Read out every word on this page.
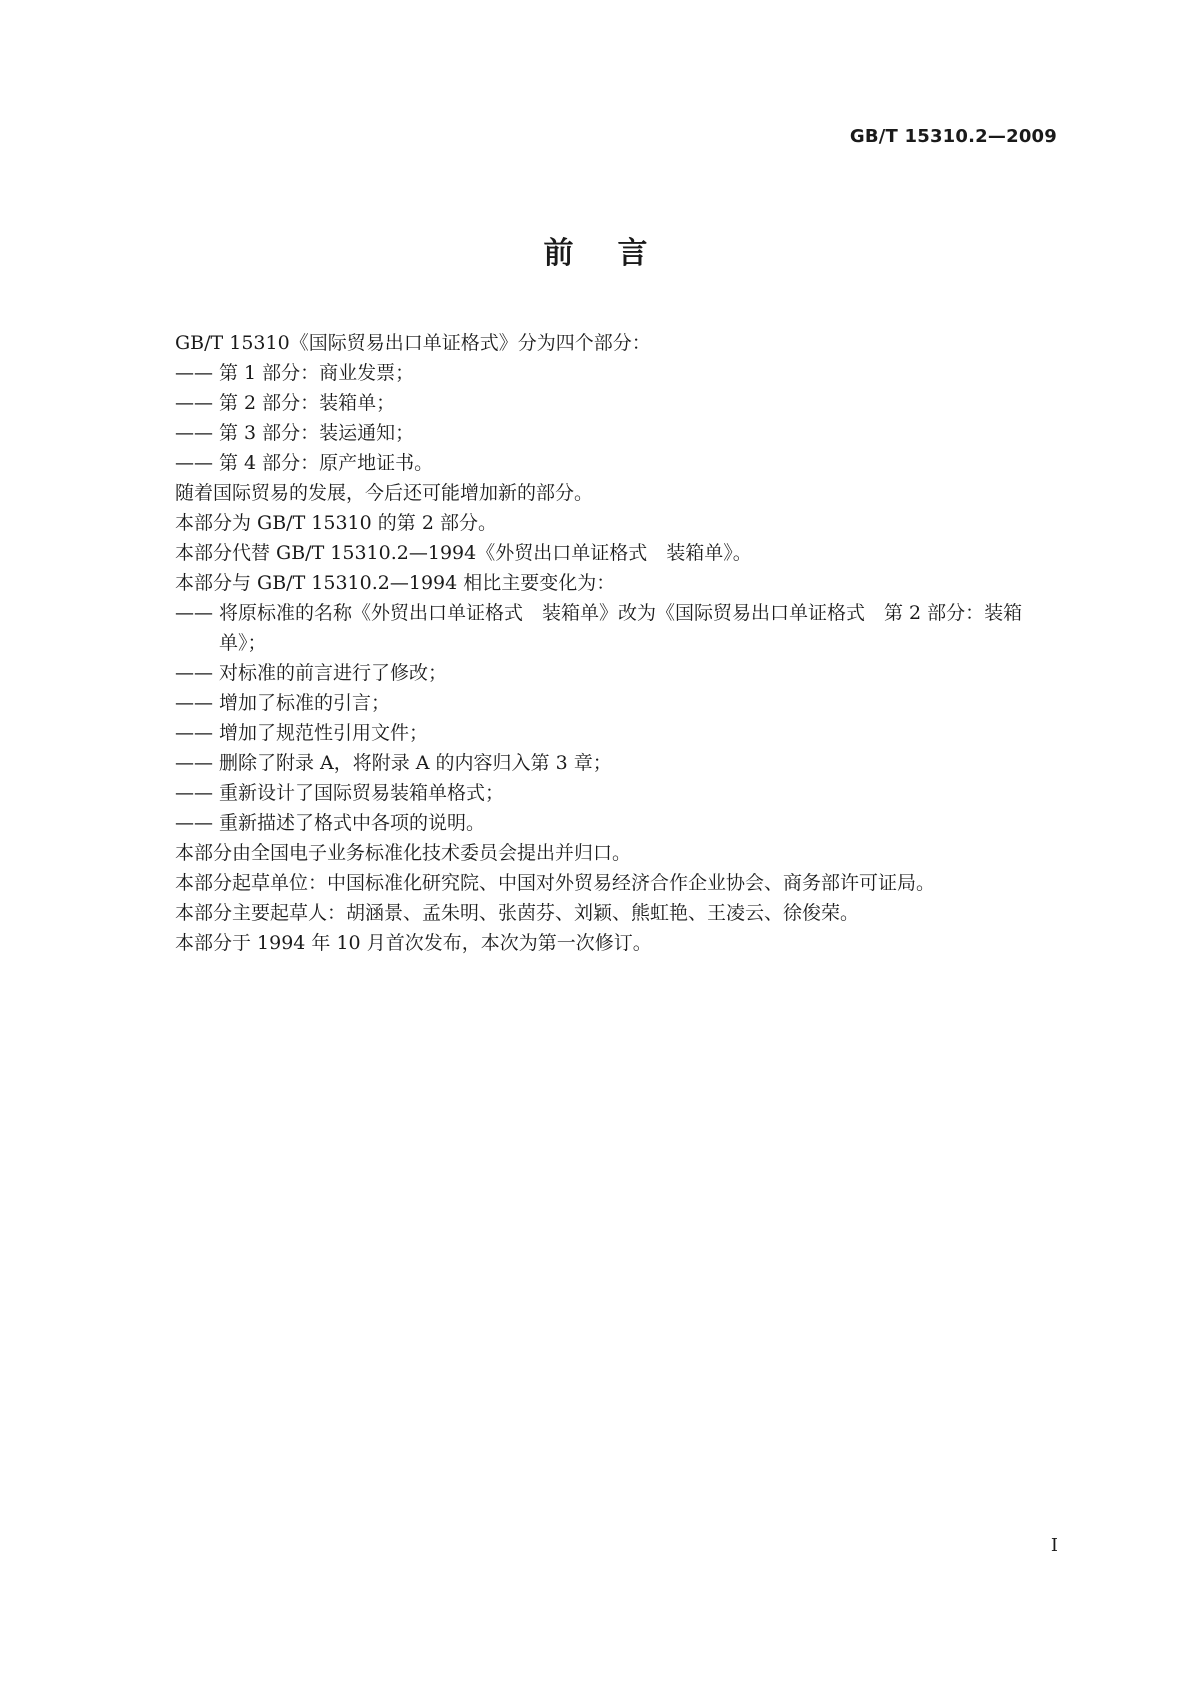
GB/T 15310.2—2009
前言
GB/T 15310《国际贸易出口单证格式》分为四个部分：
—— 第 1 部分：商业发票；
—— 第 2 部分：装箱单；
—— 第 3 部分：装运通知；
—— 第 4 部分：原产地证书。
随着国际贸易的发展，今后还可能增加新的部分。
本部分为 GB/T 15310 的第 2 部分。
本部分代替 GB/T 15310.2—1994《外贸出口单证格式　装箱单》。
本部分与 GB/T 15310.2—1994 相比主要变化为：
—— 将原标准的名称《外贸出口单证格式　装箱单》改为《国际贸易出口单证格式　第 2 部分：装箱单》；
—— 对标准的前言进行了修改；
—— 增加了标准的引言；
—— 增加了规范性引用文件；
—— 删除了附录 A，将附录 A 的内容归入第 3 章；
—— 重新设计了国际贸易装箱单格式；
—— 重新描述了格式中各项的说明。
本部分由全国电子业务标准化技术委员会提出并归口。
本部分起草单位：中国标准化研究院、中国对外贸易经济合作企业协会、商务部许可证局。
本部分主要起草人：胡涵景、孟朱明、张茵芬、刘颖、熊虹艳、王凌云、徐俊荣。
本部分于 1994 年 10 月首次发布，本次为第一次修订。
I
